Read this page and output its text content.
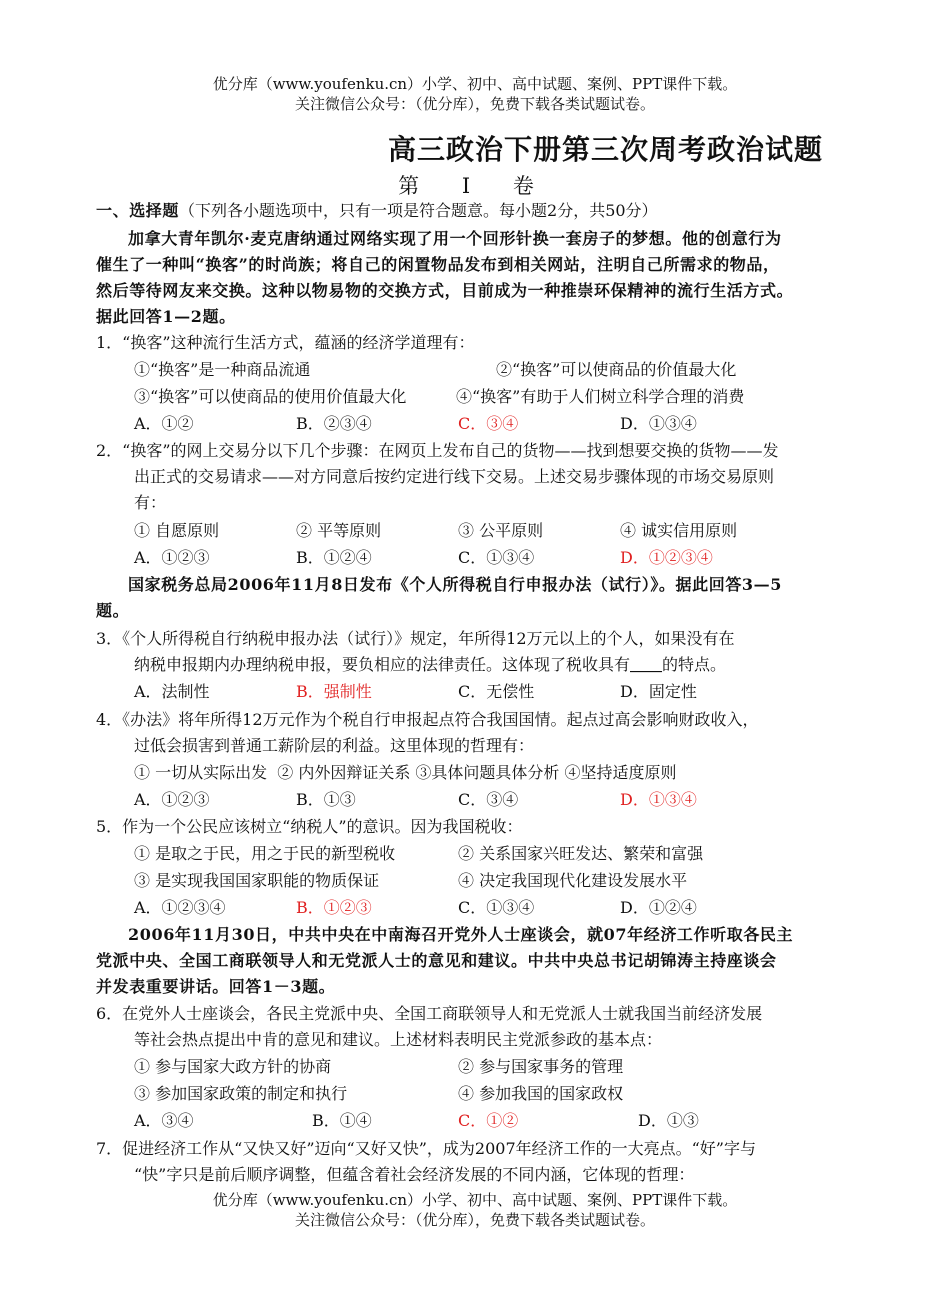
优分库（www.youfenku.cn）小学、初中、高中试题、案例、PPT课件下载。
关注微信公众号：（优分库），免费下载各类试题试卷。
高三政治下册第三次周考政治试题
第 Ⅰ 卷
一、选择题（下列各小题选项中，只有一项是符合题意。每小题2分，共50分）
加拿大青年凯尔·麦克唐纳通过网络实现了用一个回形针换一套房子的梦想。他的创意行为
催生了一种叫“换客”的时尚族；将自己的闲置物品发布到相关网站，注明自己所需求的物品，
然后等待网友来交换。这种以物易物的交换方式，目前成为一种推崇环保精神的流行生活方式。
据此回答1—2题。
1．“换客”这种流行生活方式，蕴涵的经济学道理有：
①“换客”是一种商品流通	②“换客”可以使商品的价值最大化
③“换客”可以使商品的使用价值最大化	④“换客”有助于人们树立科学合理的消费
A．①②	B．②③④	C．③④	D．①③④
2．“换客”的网上交易分以下几个步骤：在网页上发布自己的货物——找到想要交换的货物——发
出正式的交易请求——对方同意后按约定进行线下交易。上述交易步骤体现的市场交易原则
有：
① 自愿原则	② 平等原则	③ 公平原则	④ 诚实信用原则
A．①②③	B．①②④	C．①③④	D．①②③④
国家税务总局2006年11月8日发布《个人所得税自行申报办法（试行）》。据此回答3—5
题。
3．《个人所得税自行纳税申报办法（试行）》规定，年所得12万元以上的个人，如果没有在
纳税申报期内办理纳税申报，要负相应的法律责任。这体现了税收具有＿＿的特点。
A．法制性	B．强制性	C．无偿性	D．固定性
4．《办法》将年所得12万元作为个税自行申报起点符合我国国情。起点过高会影响财政收入，
过低会损害到普通工薪阶层的利益。这里体现的哲理有：
① 一切从实际出发  ② 内外因辩证关系 ③具体问题具体分析 ④坚持适度原则
A．①②③	B．①③	C．③④	D．①③④
5．作为一个公民应该树立“纳税人”的意识。因为我国税收：
① 是取之于民，用之于民的新型税收	② 关系国家兴旺发达、繁荣和富强
③ 是实现我国国家职能的物质保证	④ 决定我国现代化建设发展水平
A．①②③④	B．①②③	C．①③④	D．①②④
2006年11月30日，中共中央在中南海召开党外人士座谈会，就07年经济工作听取各民主
党派中央、全国工商联领导人和无党派人士的意见和建议。中共中央总书记胡锦涛主持座谈会
并发表重要讲话。回答1－3题。
6．在党外人士座谈会，各民主党派中央、全国工商联领导人和无党派人士就我国当前经济发展
等社会热点提出中肯的意见和建议。上述材料表明民主党派参政的基本点：
① 参与国家大政方针的协商	② 参与国家事务的管理
③ 参加国家政策的制定和执行	④ 参加我国的国家政权
A．③④	B．①④	C．①②	D．①③
7．促进经济工作从“又快又好”迈向“又好又快”，成为2007年经济工作的一大亮点。“好”字与
“快”字只是前后顺序调整，但蕴含着社会经济发展的不同内涵，它体现的哲理：
优分库（www.youfenku.cn）小学、初中、高中试题、案例、PPT课件下载。
关注微信公众号：（优分库），免费下载各类试题试卷。
